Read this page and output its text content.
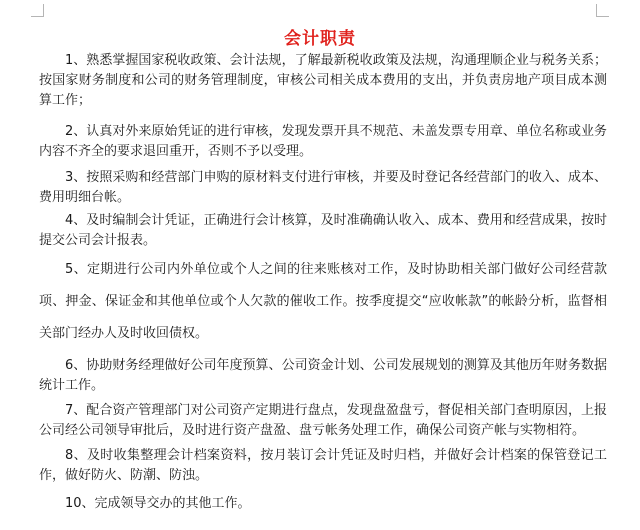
会计职责

1、熟悉掌握国家税收政策、会计法规，了解最新税收政策及法规，沟通理顺企业与税务关系；按国家财务制度和公司的财务管理制度，审核公司相关成本费用的支出，并负责房地产项目成本测算工作；

2、认真对外来原始凭证的进行审核，发现发票开具不规范、未盖发票专用章、单位名称或业务内容不齐全的要求退回重开，否则不予以受理。

3、按照采购和经营部门申购的原材料支付进行审核，并要及时登记各经营部门的收入、成本、费用明细台帐。

4、及时编制会计凭证，正确进行会计核算，及时准确确认收入、成本、费用和经营成果，按时提交公司会计报表。

5、定期进行公司内外单位或个人之间的往来账核对工作，及时协助相关部门做好公司经营款项、押金、保证金和其他单位或个人欠款的催收工作。按季度提交“应收帐款”的帐龄分析，监督相关部门经办人及时收回债权。

6、协助财务经理做好公司年度预算、公司资金计划、公司发展规划的测算及其他历年财务数据统计工作。

7、配合资产管理部门对公司资产定期进行盘点，发现盘盈盘亏，督促相关部门查明原因，上报公司经公司领导审批后，及时进行资产盘盈、盘亏帐务处理工作，确保公司资产帐与实物相符。

8、及时收集整理会计档案资料，按月装订会计凭证及时归档，并做好会计档案的保管登记工作，做好防火、防潮、防浊。

10、完成领导交办的其他工作。
